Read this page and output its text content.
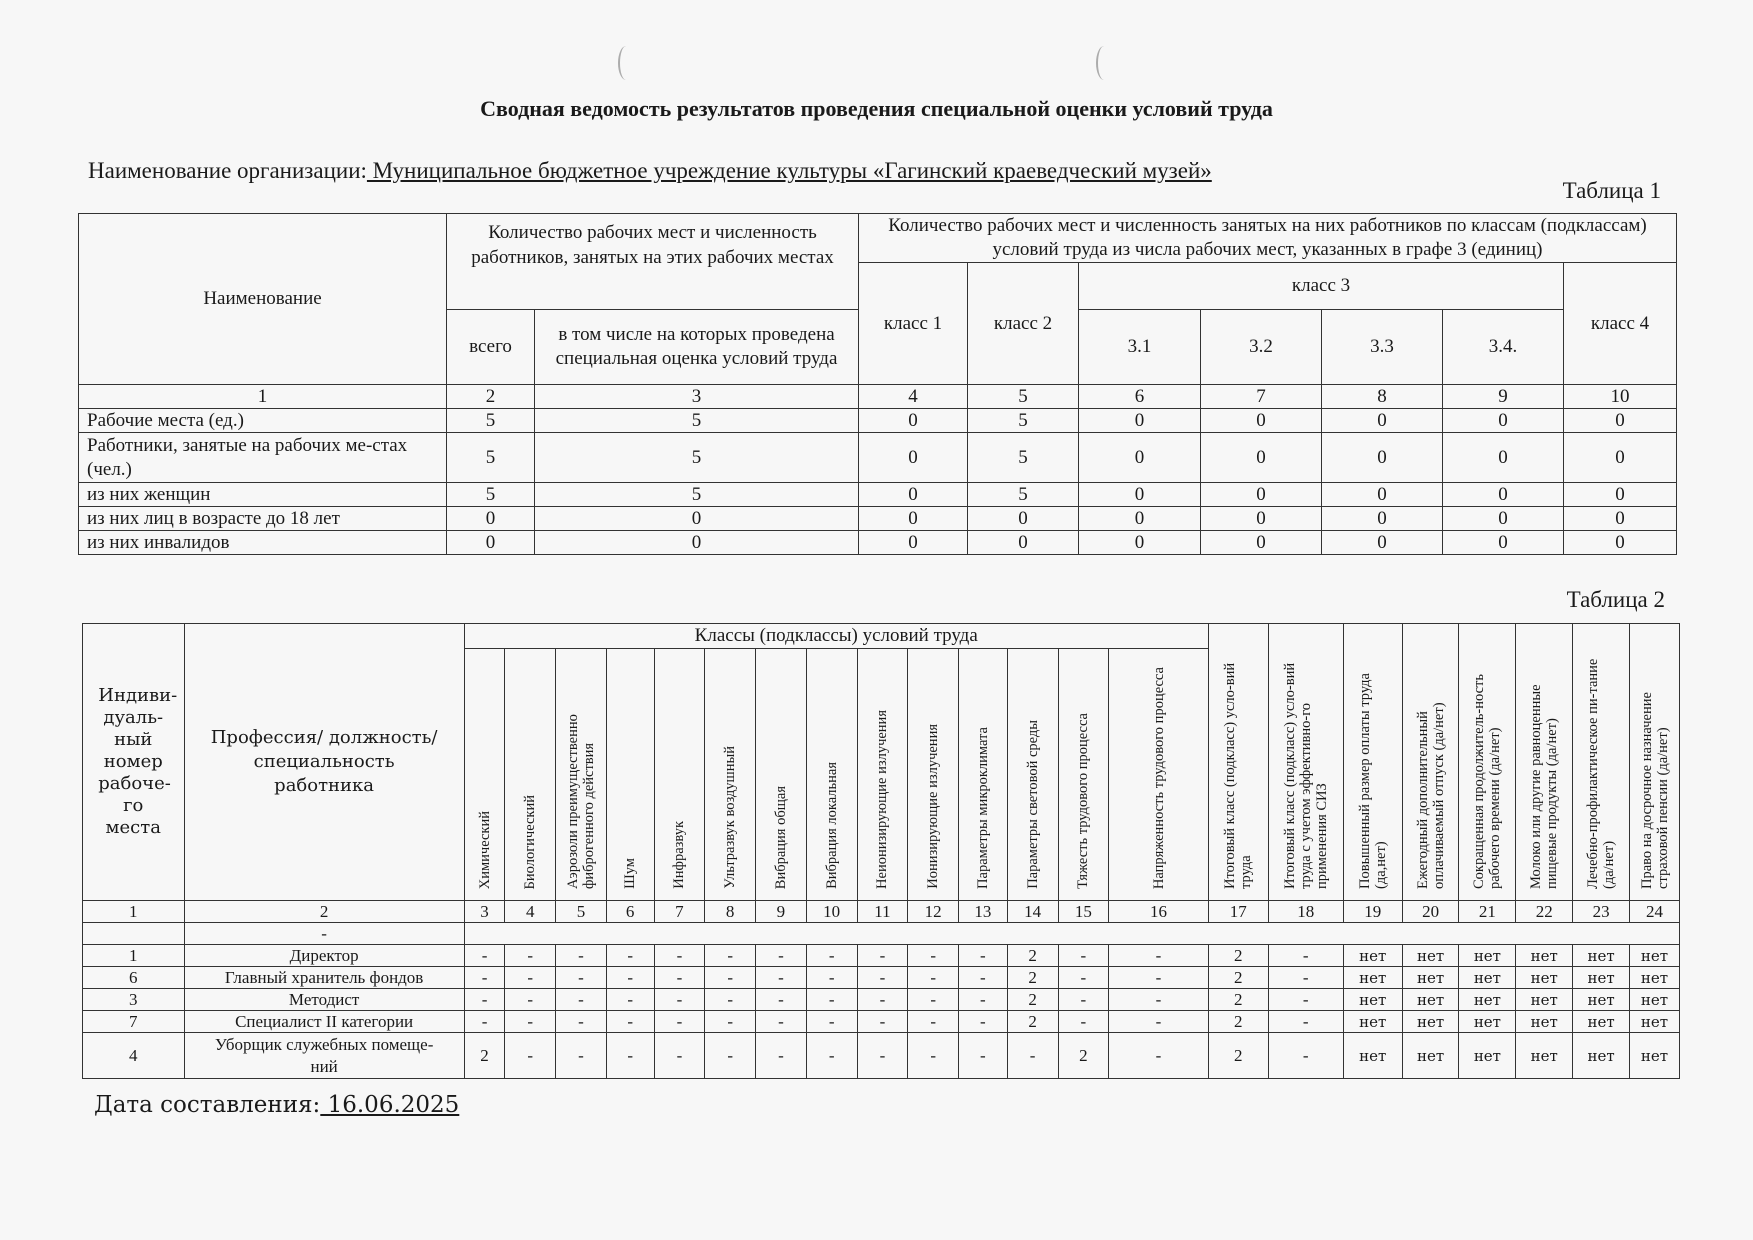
Сводная ведомость результатов проведения специальной оценки условий труда
Наименование организации: Муниципальное бюджетное учреждение культуры «Гагинский краеведческий музей»
Таблица 1
Наименование	Количество рабочих мест и численность работников, занятых на этих рабочих местах		Количество рабочих мест и численность занятых на них работников по классам (подклассам) условий труда из числа рабочих мест, указанных в графе 3 (единиц)						
			класс 1	класс 2	класс 3				класс 4
	всего	в том числе на которых проведена специальная оценка условий труда			3.1	3.2	3.3	3.4.	
1	2	3	4	5	6	7	8	9	10
Рабочие места (ед.)	5	5	0	5	0	0	0	0	0
Работники, занятые на рабочих ме-стах (чел.)	5	5	0	5	0	0	0	0	0
из них женщин	5	5	0	5	0	0	0	0	0
из них лиц в возрасте до 18 лет	0	0	0	0	0	0	0	0	0
из них инвалидов	0	0	0	0	0	0	0	0	0
Таблица 2
Индиви-дуаль-ный номер рабоче-го места	Профессия/ должность/ специальность работника	Классы (подклассы) условий труда														Итоговый класс (подкласс) усло-вий труда	Итоговый класс (подкласс) усло-вий труда с учетом эффективно-го применения СИЗ	Повышенный размер оплаты труда (да,нет)	Ежегодный дополнительный оплачиваемый отпуск (да/нет)	Сокращенная продолжитель-ность рабочего времени (да/нет)	Молоко или другие равноценные пищевые продукты (да/нет)	Лечебно-профилактическое пи-тание (да/нет)	Право на досрочное назначение страховой пенсии (да/нет)
		Химический	Биологический	Аэрозоли преимущественно фиброгенного действия	Шум	Инфразвук	Ультразвук воздушный	Вибрация общая	Вибрация локальная	Неионизирующие излучения	Ионизирующие излучения	Параметры микроклимата	Параметры световой среды	Тяжесть трудового процесса	Напряженность трудового процесса								
1	2	3	4	5	6	7	8	9	10	11	12	13	14	15	16	17	18	19	20	21	22	23	24
	-																						
1	Директор	-	-	-	-	-	-	-	-	-	-	-	2	-	-	2	-	нет	нет	нет	нет	нет	нет
6	Главный хранитель фондов	-	-	-	-	-	-	-	-	-	-	-	2	-	-	2	-	нет	нет	нет	нет	нет	нет
3	Методист	-	-	-	-	-	-	-	-	-	-	-	2	-	-	2	-	нет	нет	нет	нет	нет	нет
7	Специалист II категории	-	-	-	-	-	-	-	-	-	-	-	2	-	-	2	-	нет	нет	нет	нет	нет	нет
4	Уборщик служебных помеще-ний	2	-	-	-	-	-	-	-	-	-	-	-	2	-	2	-	нет	нет	нет	нет	нет	нет
Дата составления: 16.06.2025
